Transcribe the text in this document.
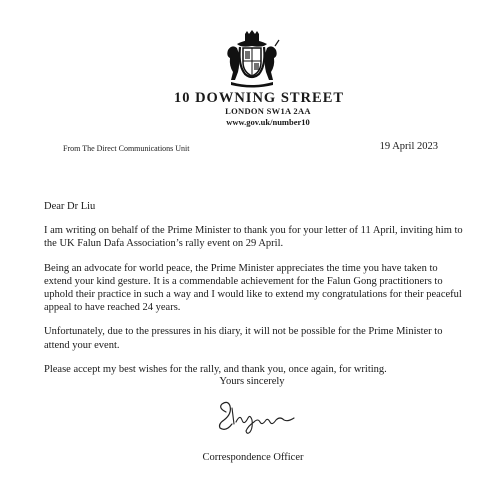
10 DOWNING STREET
LONDON SW1A 2AA
www.gov.uk/number10
From The Direct Communications Unit	19 April 2023

Dear Dr Liu

I am writing on behalf of the Prime Minister to thank you for your letter of 11 April, inviting him to the UK Falun Dafa Association’s rally event on 29 April.

Being an advocate for world peace, the Prime Minister appreciates the time you have taken to extend your kind gesture. It is a commendable achievement for the Falun Gong practitioners to uphold their practice in such a way and I would like to extend my congratulations for their peaceful appeal to have reached 24 years.

Unfortunately, due to the pressures in his diary, it will not be possible for the Prime Minister to attend your event.

Please accept my best wishes for the rally, and thank you, once again, for writing.

Yours sincerely
Correspondence Officer
